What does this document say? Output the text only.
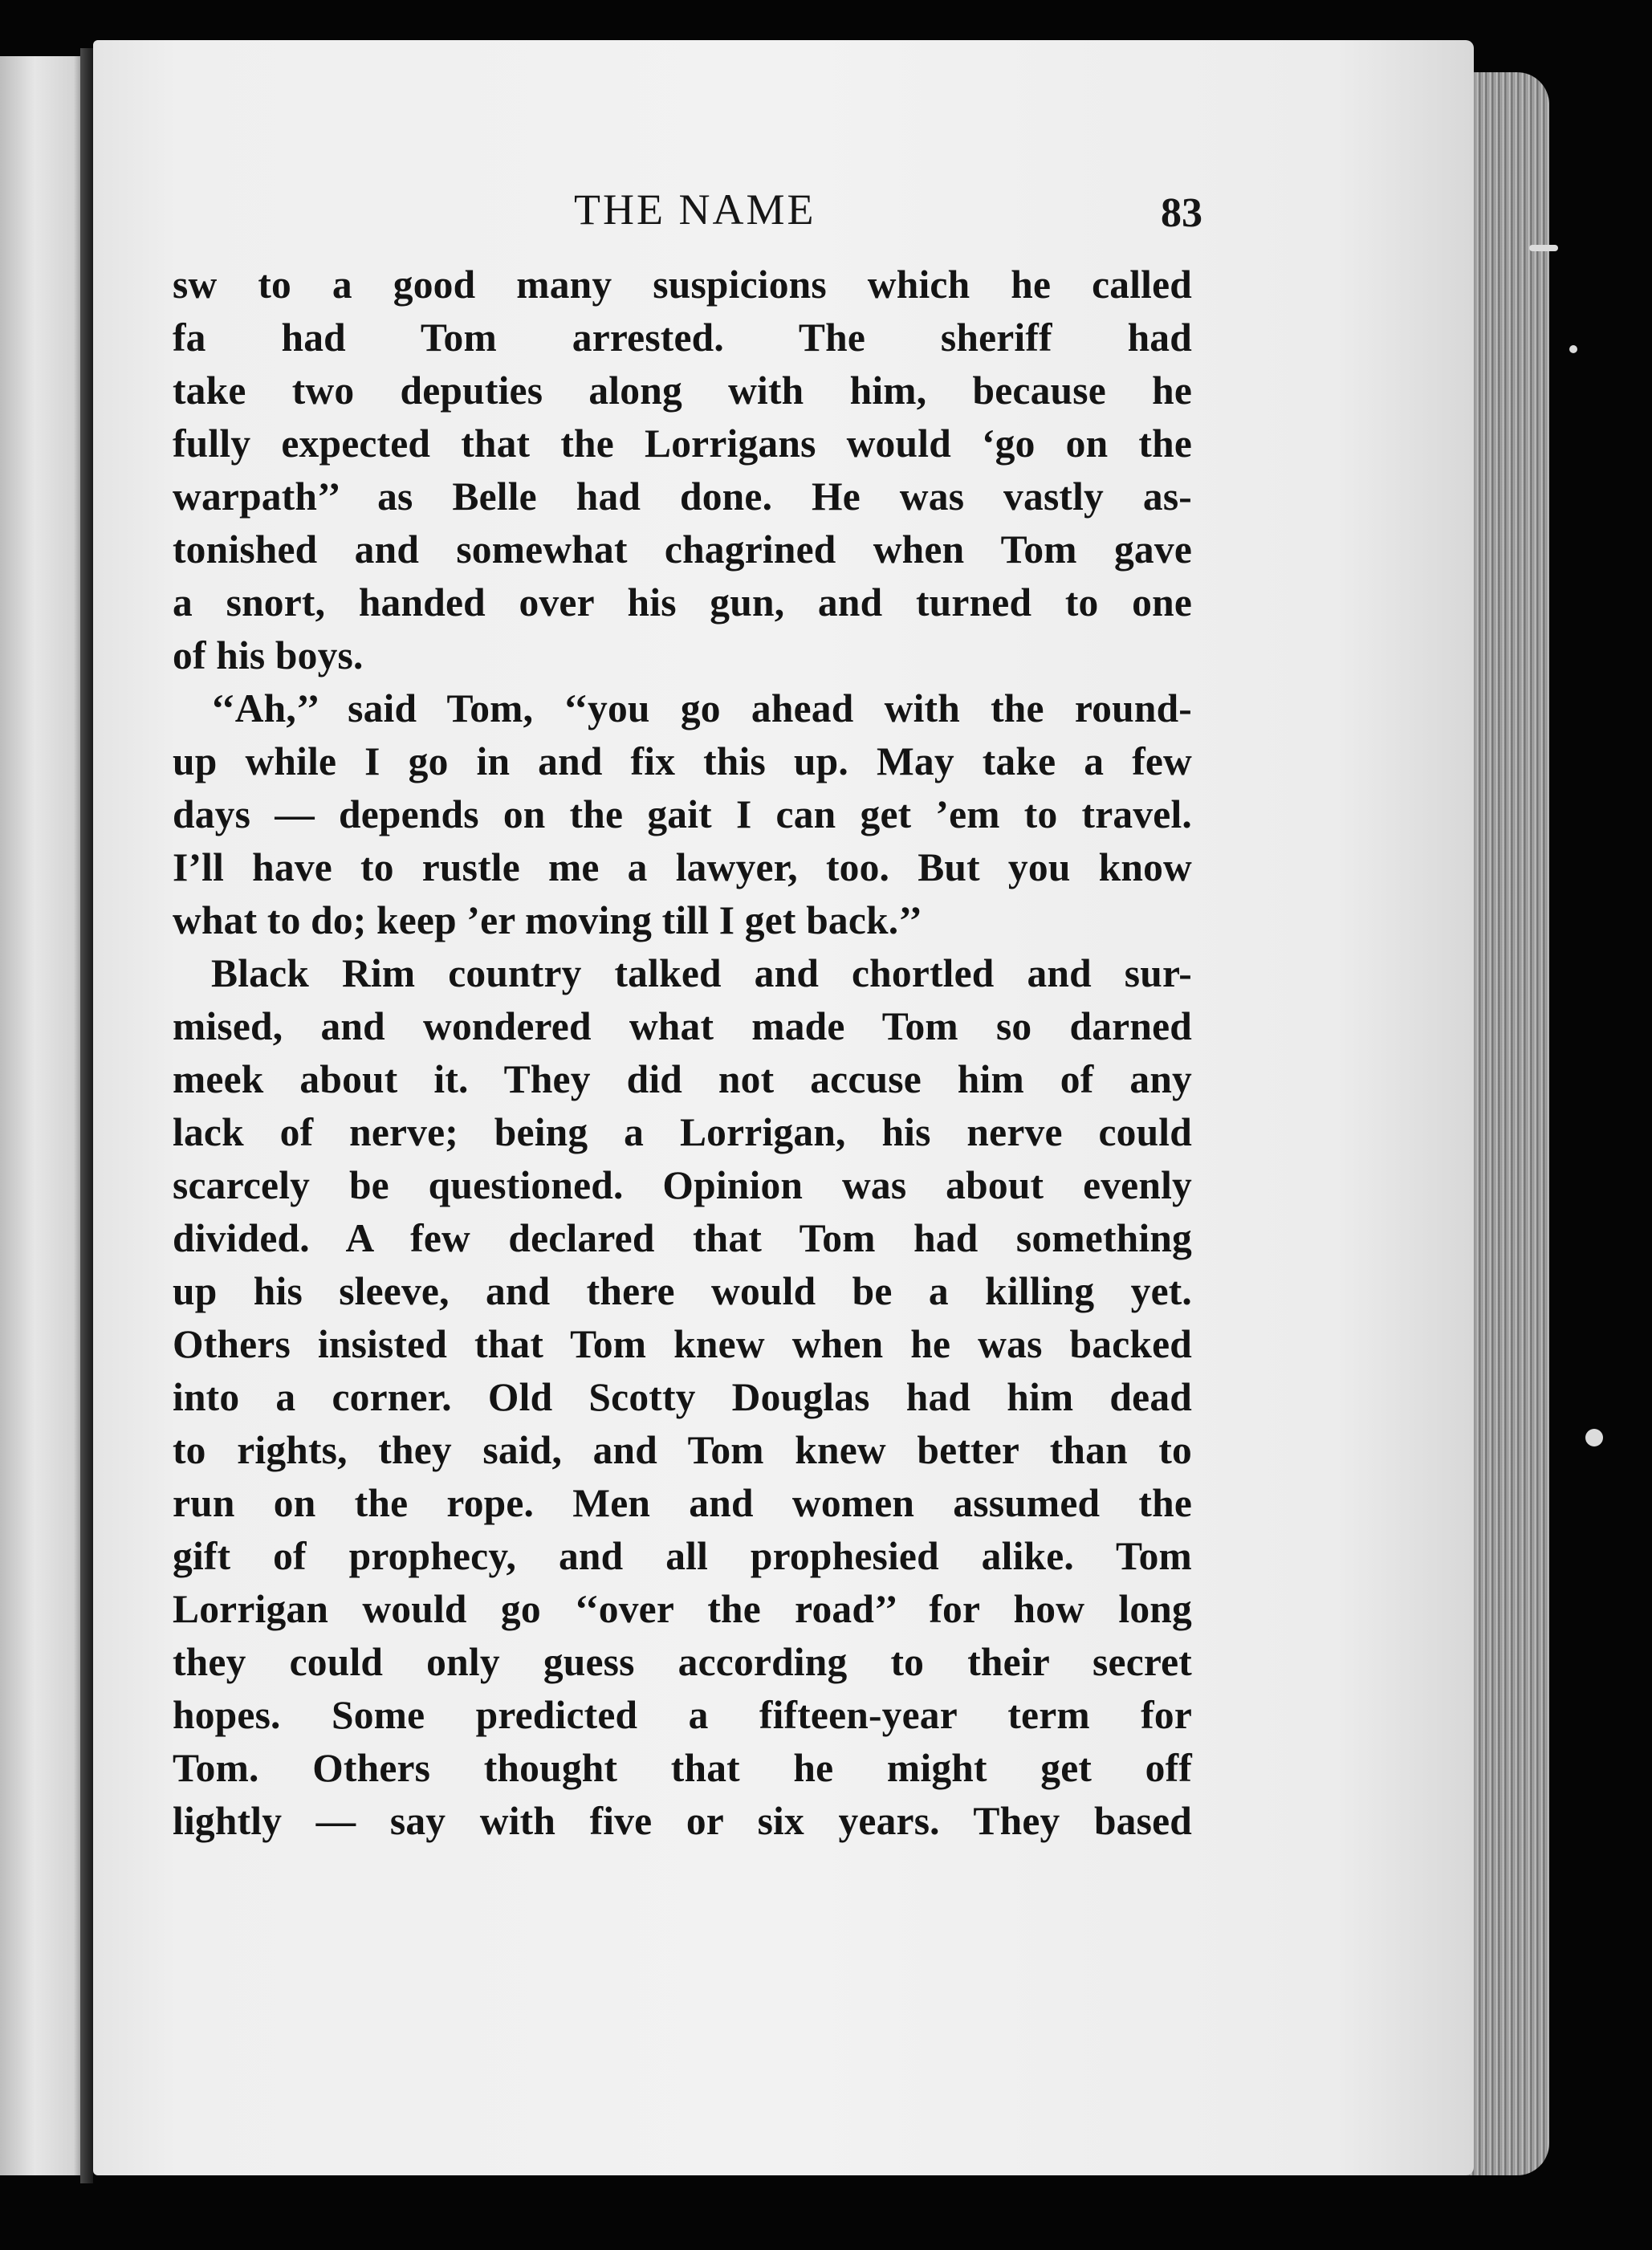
THE NAME	83
sw to a good many suspicions which he called
fa had Tom arrested. The sheriff had
take two deputies along with him, because he
fully expected that the Lorrigans would ‘go on the
warpath’’ as Belle had done. He was vastly as-
tonished and somewhat chagrined when Tom gave
a snort, handed over his gun, and turned to one
of his boys.
‘‘Ah,’’ said Tom, ‘‘you go ahead with the round-
up while I go in and fix this up. May take a few
days — depends on the gait I can get ’em to travel.
I’ll have to rustle me a lawyer, too. But you know
what to do; keep ’er moving till I get back.’’
Black Rim country talked and chortled and sur-
mised, and wondered what made Tom so darned
meek about it. They did not accuse him of any
lack of nerve; being a Lorrigan, his nerve could
scarcely be questioned. Opinion was about evenly
divided. A few declared that Tom had something
up his sleeve, and there would be a killing yet.
Others insisted that Tom knew when he was backed
into a corner. Old Scotty Douglas had him dead
to rights, they said, and Tom knew better than to
run on the rope. Men and women assumed the
gift of prophecy, and all prophesied alike. Tom
Lorrigan would go ‘‘over the road’’ for how long
they could only guess according to their secret
hopes. Some predicted a fifteen-year term for
Tom. Others thought that he might get off
lightly — say with five or six years. They based
